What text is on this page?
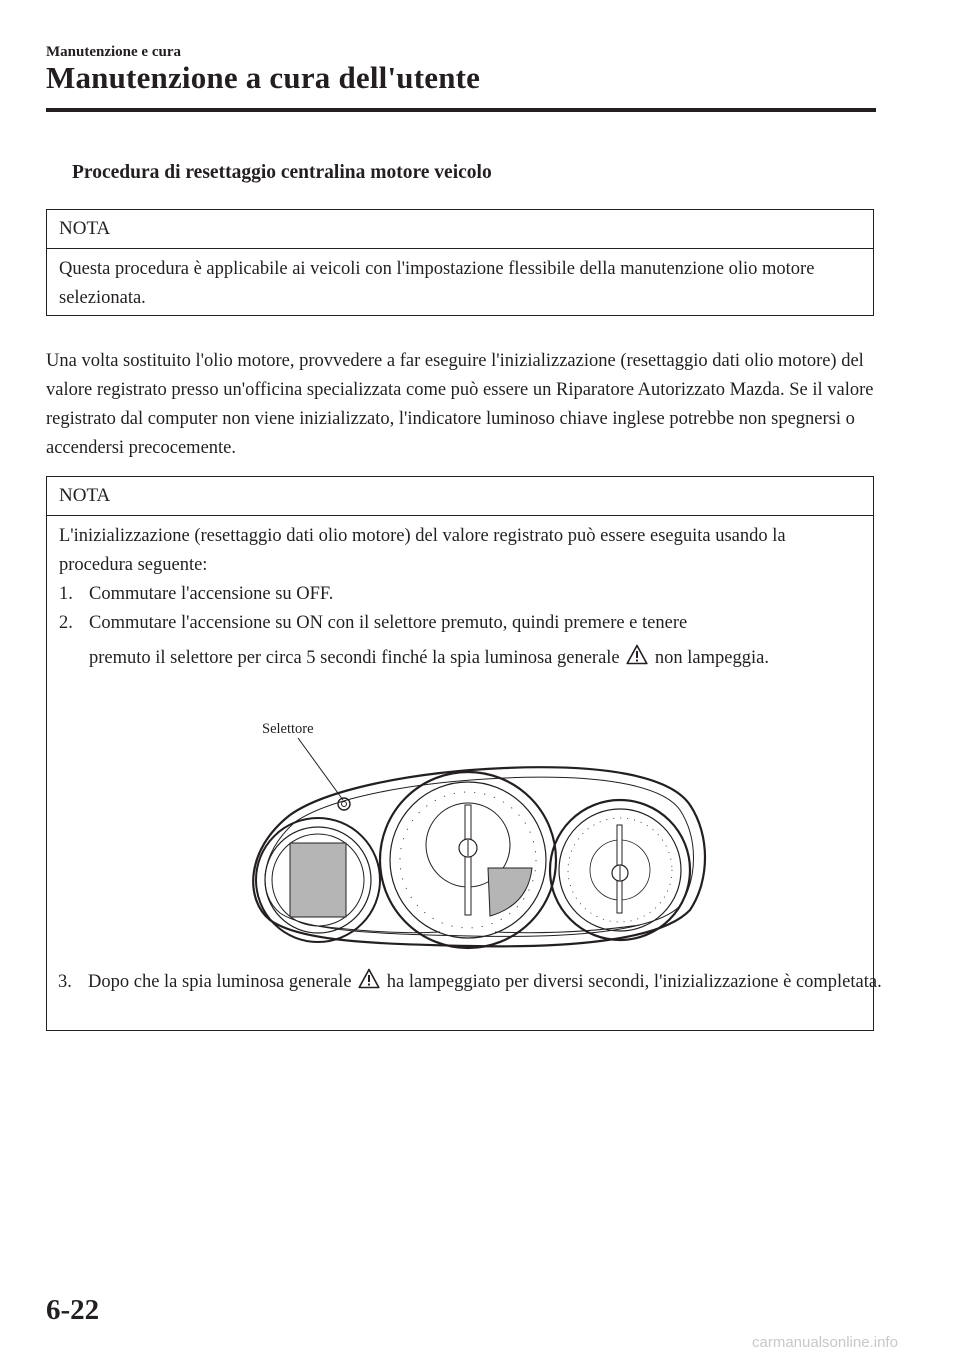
Manutenzione e cura
Manutenzione a cura dell'utente
Procedura di resettaggio centralina motore veicolo
NOTA
Questa procedura è applicabile ai veicoli con l'impostazione flessibile della manutenzione olio motore selezionata.
Una volta sostituito l'olio motore, provvedere a far eseguire l'inizializzazione (resettaggio dati olio motore) del valore registrato presso un'officina specializzata come può essere un Riparatore Autorizzato Mazda. Se il valore registrato dal computer non viene inizializzato, l'indicatore luminoso chiave inglese potrebbe non spegnersi o accendersi precocemente.
NOTA
L'inizializzazione (resettaggio dati olio motore) del valore registrato può essere eseguita usando la procedura seguente:
1. Commutare l'accensione su OFF.
2. Commutare l'accensione su ON con il selettore premuto, quindi premere e tenere
premuto il selettore per circa 5 secondi finché la spia luminosa generale non lampeggia.
Selettore
3. Dopo che la spia luminosa generale ha lampeggiato per diversi secondi, l'inizializzazione è completata.
6-22
carmanualsonline.info
